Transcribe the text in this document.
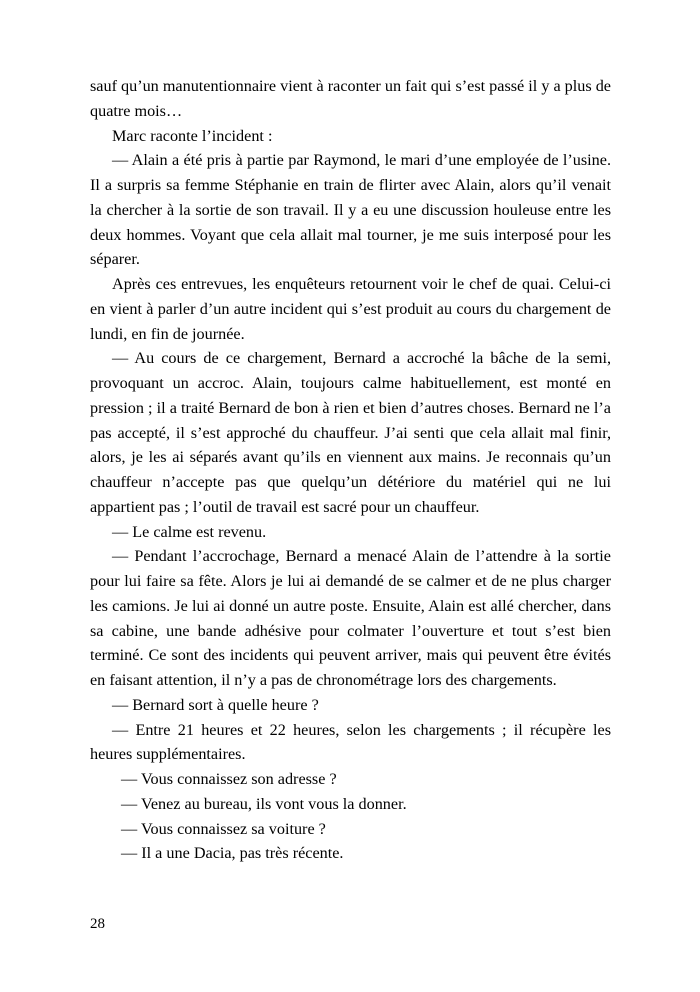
sauf qu’un manutentionnaire vient à raconter un fait qui s’est passé il y a plus de quatre mois…

Marc raconte l’incident :

— Alain a été pris à partie par Raymond, le mari d’une employée de l’usine. Il a surpris sa femme Stéphanie en train de flirter avec Alain, alors qu’il venait la chercher à la sortie de son travail. Il y a eu une discussion houleuse entre les deux hommes. Voyant que cela allait mal tourner, je me suis interposé pour les séparer.

Après ces entrevues, les enquêteurs retournent voir le chef de quai. Celui-ci en vient à parler d’un autre incident qui s’est produit au cours du chargement de lundi, en fin de journée.

— Au cours de ce chargement, Bernard a accroché la bâche de la semi, provoquant un accroc. Alain, toujours calme habituellement, est monté en pression ; il a traité Bernard de bon à rien et bien d’autres choses. Bernard ne l’a pas accepté, il s’est approché du chauffeur. J’ai senti que cela allait mal finir, alors, je les ai séparés avant qu’ils en viennent aux mains. Je reconnais qu’un chauffeur n’accepte pas que quelqu’un détériore du matériel qui ne lui appartient pas ; l’outil de travail est sacré pour un chauffeur.

— Le calme est revenu.

— Pendant l’accrochage, Bernard a menacé Alain de l’attendre à la sortie pour lui faire sa fête. Alors je lui ai demandé de se calmer et de ne plus charger les camions. Je lui ai donné un autre poste. Ensuite, Alain est allé chercher, dans sa cabine, une bande adhésive pour colmater l’ouverture et tout s’est bien terminé. Ce sont des incidents qui peuvent arriver, mais qui peuvent être évités en faisant attention, il n’y a pas de chronométrage lors des chargements.

— Bernard sort à quelle heure ?

— Entre 21 heures et 22 heures, selon les chargements ; il récupère les heures supplémentaires.

— Vous connaissez son adresse ?

— Venez au bureau, ils vont vous la donner.

— Vous connaissez sa voiture ?

— Il a une Dacia, pas très récente.

28
